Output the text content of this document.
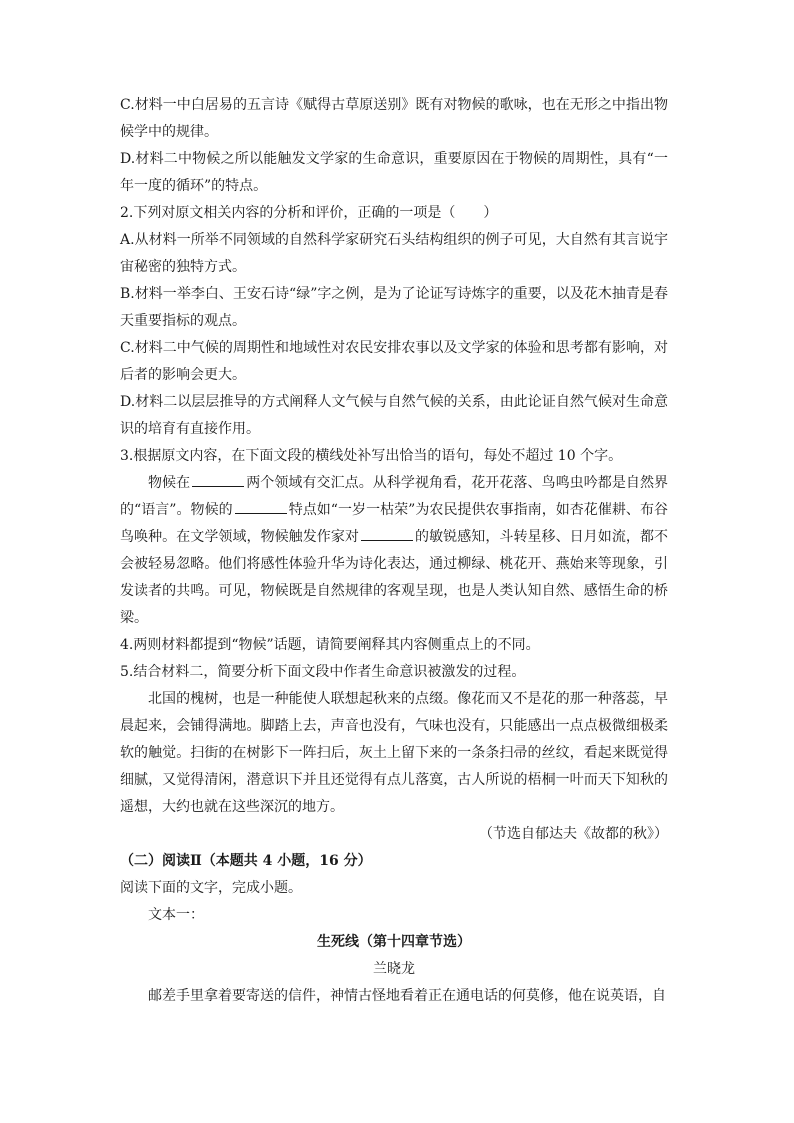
C.材料一中白居易的五言诗《赋得古草原送别》既有对物候的歌咏，也在无形之中指出物候学中的规律。

D.材料二中物候之所以能触发文学家的生命意识，重要原因在于物候的周期性，具有“一年一度的循环”的特点。

2.下列对原文相关内容的分析和评价，正确的一项是（　　）

A.从材料一所举不同领域的自然科学家研究石头结构组织的例子可见，大自然有其言说宇宙秘密的独特方式。

B.材料一举李白、王安石诗“绿”字之例，是为了论证写诗炼字的重要，以及花木抽青是春天重要指标的观点。

C.材料二中气候的周期性和地域性对农民安排农事以及文学家的体验和思考都有影响，对后者的影响会更大。

D.材料二以层层推导的方式阐释人文气候与自然气候的关系，由此论证自然气候对生命意识的培育有直接作用。

3.根据原文内容，在下面文段的横线处补写出恰当的语句，每处不超过 10 个字。

物候在	两个领域有交汇点。从科学视角看，花开花落、鸟鸣虫吟都是自然界的“语言”。物候的	特点如“一岁一枯荣”为农民提供农事指南，如杏花催耕、布谷鸟唤种。在文学领域，物候触发作家对	的敏锐感知，斗转星移、日月如流，都不会被轻易忽略。他们将感性体验升华为诗化表达，通过柳绿、桃花开、燕始来等现象，引发读者的共鸣。可见，物候既是自然规律的客观呈现，也是人类认知自然、感悟生命的桥梁。

4.两则材料都提到“物候”话题，请简要阐释其内容侧重点上的不同。

5.结合材料二，简要分析下面文段中作者生命意识被激发的过程。

北国的槐树，也是一种能使人联想起秋来的点缀。像花而又不是花的那一种落蕊，早晨起来，会铺得满地。脚踏上去，声音也没有，气味也没有，只能感出一点点极微细极柔软的触觉。扫街的在树影下一阵扫后，灰土上留下来的一条条扫帚的丝纹，看起来既觉得细腻，又觉得清闲，潜意识下并且还觉得有点儿落寞，古人所说的梧桐一叶而天下知秋的遥想，大约也就在这些深沉的地方。

（节选自郁达夫《故都的秋》）

（二）阅读Ⅱ（本题共 4 小题，16 分）

阅读下面的文字，完成小题。

文本一：

生死线（第十四章节选）

兰晓龙

邮差手里拿着要寄送的信件，神情古怪地看着正在通电话的何莫修，他在说英语，自
